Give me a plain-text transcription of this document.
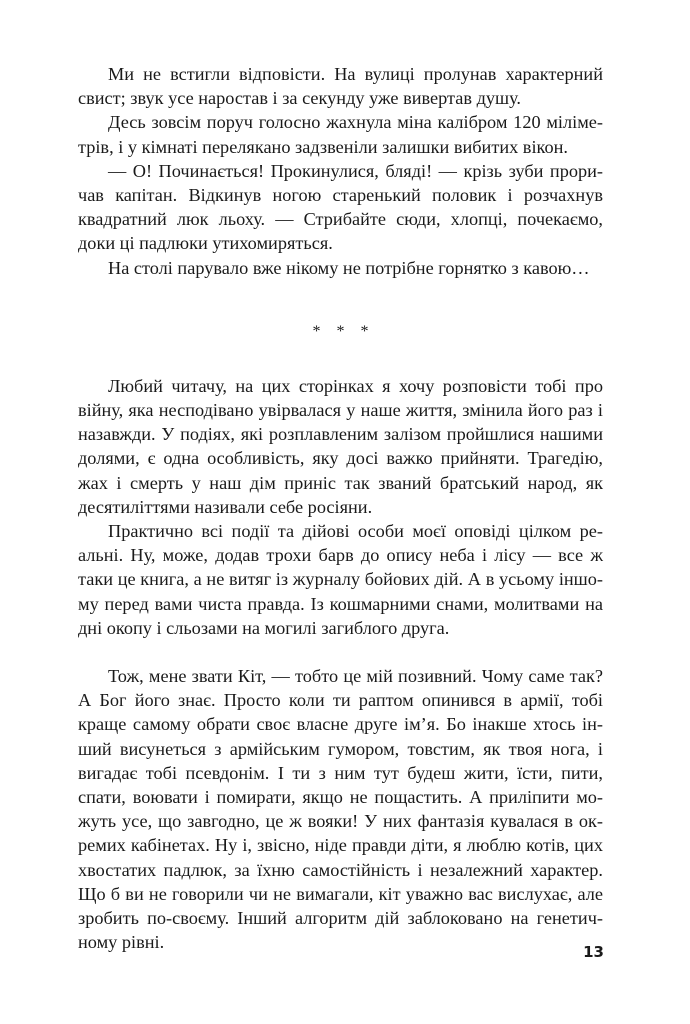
Ми не встигли відповісти. На вулиці пролунав характерний свист; звук усе наростав і за секунду уже вивертав душу.

Десь зовсім поруч голосно жахнула міна калібром 120 міліметрів, і у кімнаті перелякано задзвеніли залишки вибитих вікон.

— О! Починається! Прокинулися, бляді! — крізь зуби проричав капітан. Відкинув ногою старенький половик і розчахнув квадратний люк льоху. — Стрибайте сюди, хлопці, почекаємо, доки ці падлюки утихомиряться.

На столі парувало вже нікому не потрібне горнятко з кавою…

* * *

Любий читачу, на цих сторінках я хочу розповісти тобі про війну, яка несподівано увірвалася у наше життя, змінила його раз і назавжди. У подіях, які розплавленим залізом пройшлися нашими долями, є одна особливість, яку досі важко прийняти. Трагедію, жах і смерть у наш дім приніс так званий братський народ, як десятиліттями називали себе росіяни.

Практично всі події та дійові особи моєї оповіді цілком реальні. Ну, може, додав трохи барв до опису неба і лісу — все ж таки це книга, а не витяг із журналу бойових дій. А в усьому іншому перед вами чиста правда. Із кошмарними снами, молитвами на дні окопу і сльозами на могилі загиблого друга.

Тож, мене звати Кіт, — тобто це мій позивний. Чому саме так? А Бог його знає. Просто коли ти раптом опинився в армії, тобі краще самому обрати своє власне друге ім’я. Бо інакше хтось інший висунеться з армійським гумором, товстим, як твоя нога, і вигадає тобі псевдонім. І ти з ним тут будеш жити, їсти, пити, спати, воювати і помирати, якщо не пощастить. А приліпити можуть усе, що завгодно, це ж вояки! У них фантазія кувалася в окремих кабінетах. Ну і, звісно, ніде правди діти, я люблю котів, цих хвостатих падлюк, за їхню самостійність і незалежний характер. Що б ви не говорили чи не вимагали, кіт уважно вас вислухає, але зробить по-своєму. Інший алгоритм дій заблоковано на генетичному рівні.	13
